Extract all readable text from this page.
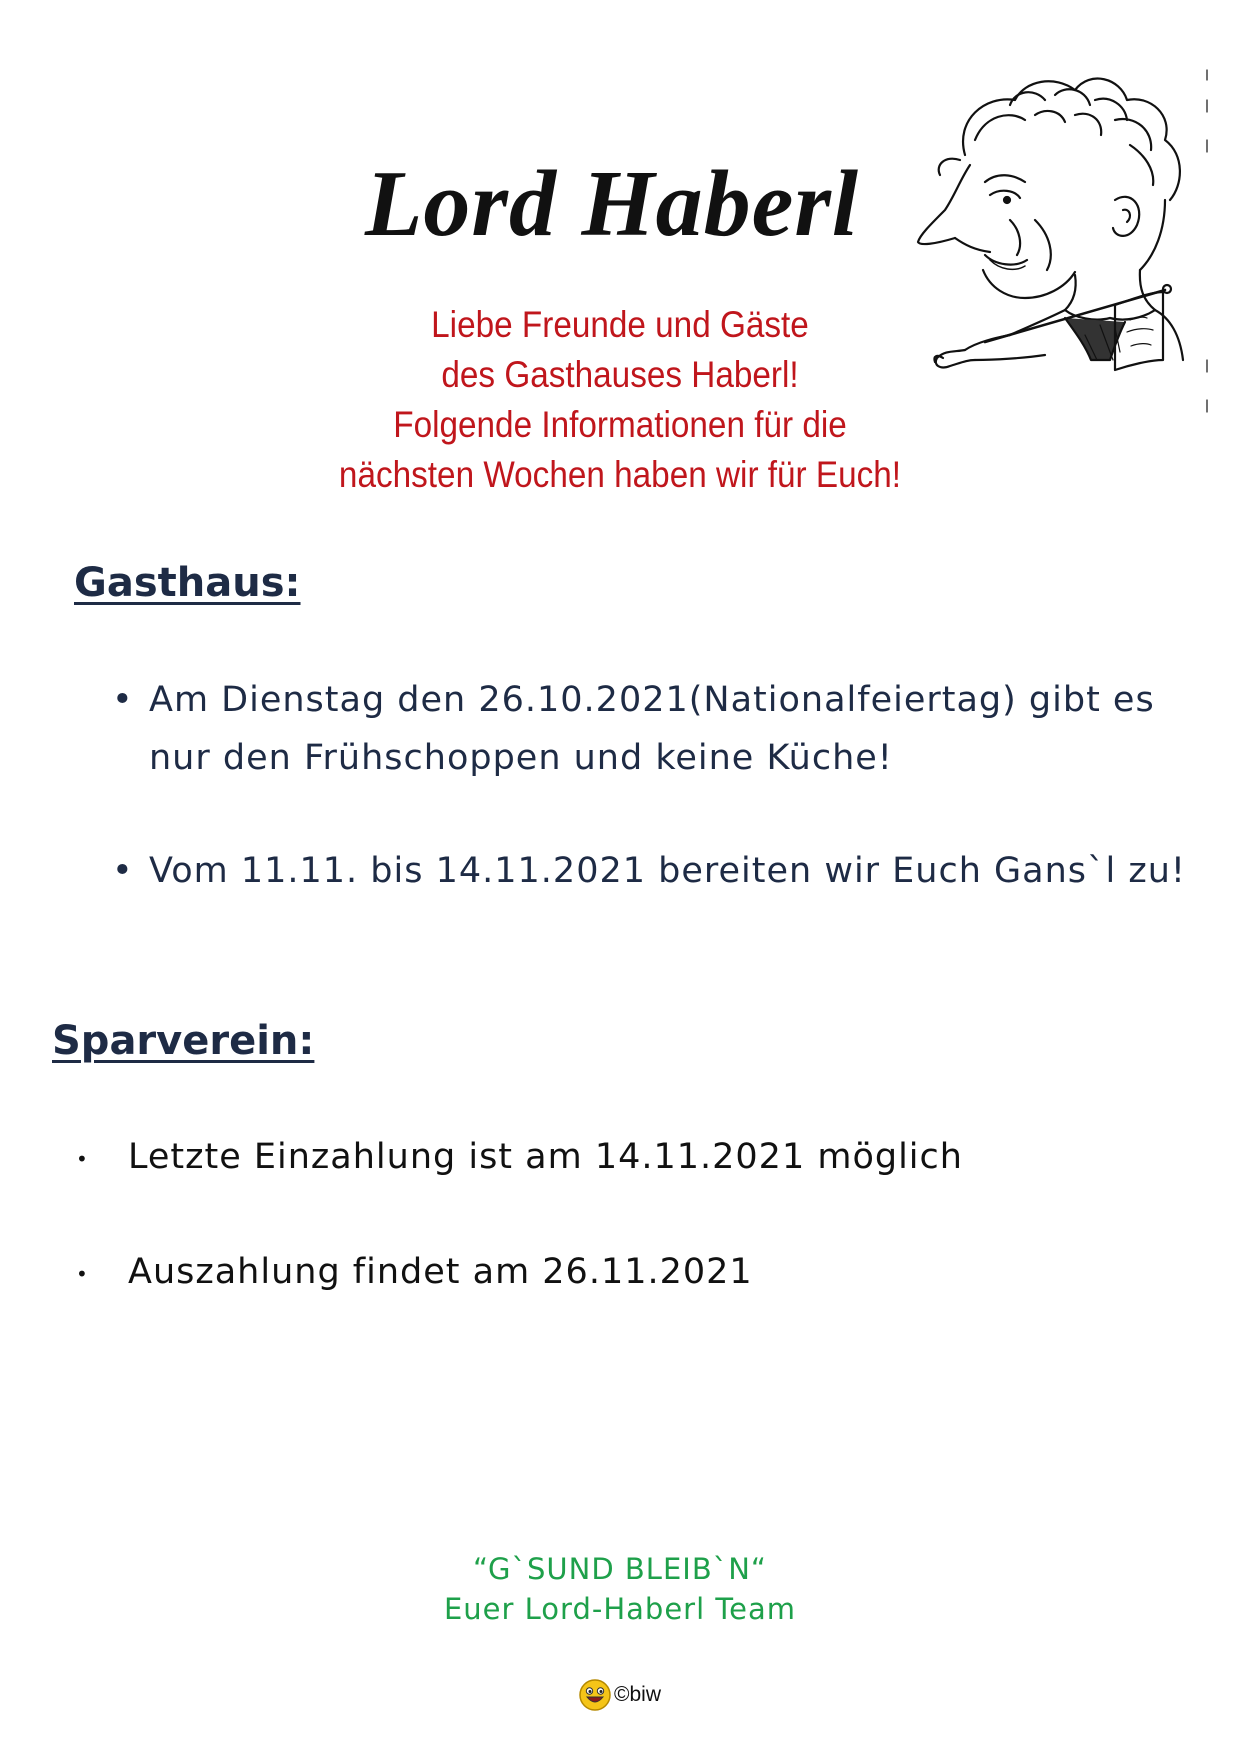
Lord Haberl
Liebe Freunde und Gäste
des Gasthauses Haberl!
Folgende Informationen für die
nächsten Wochen haben wir für Euch!
Gasthaus:
• Am Dienstag den 26.10.2021(Nationalfeiertag) gibt es nur den Frühschoppen und keine Küche!
• Vom 11.11. bis 14.11.2021 bereiten wir Euch Gans`l zu!
Sparverein:
• Letzte Einzahlung ist am 14.11.2021 möglich
• Auszahlung findet am 26.11.2021
“G`SUND BLEIB`N“
Euer Lord-Haberl Team
©biw
